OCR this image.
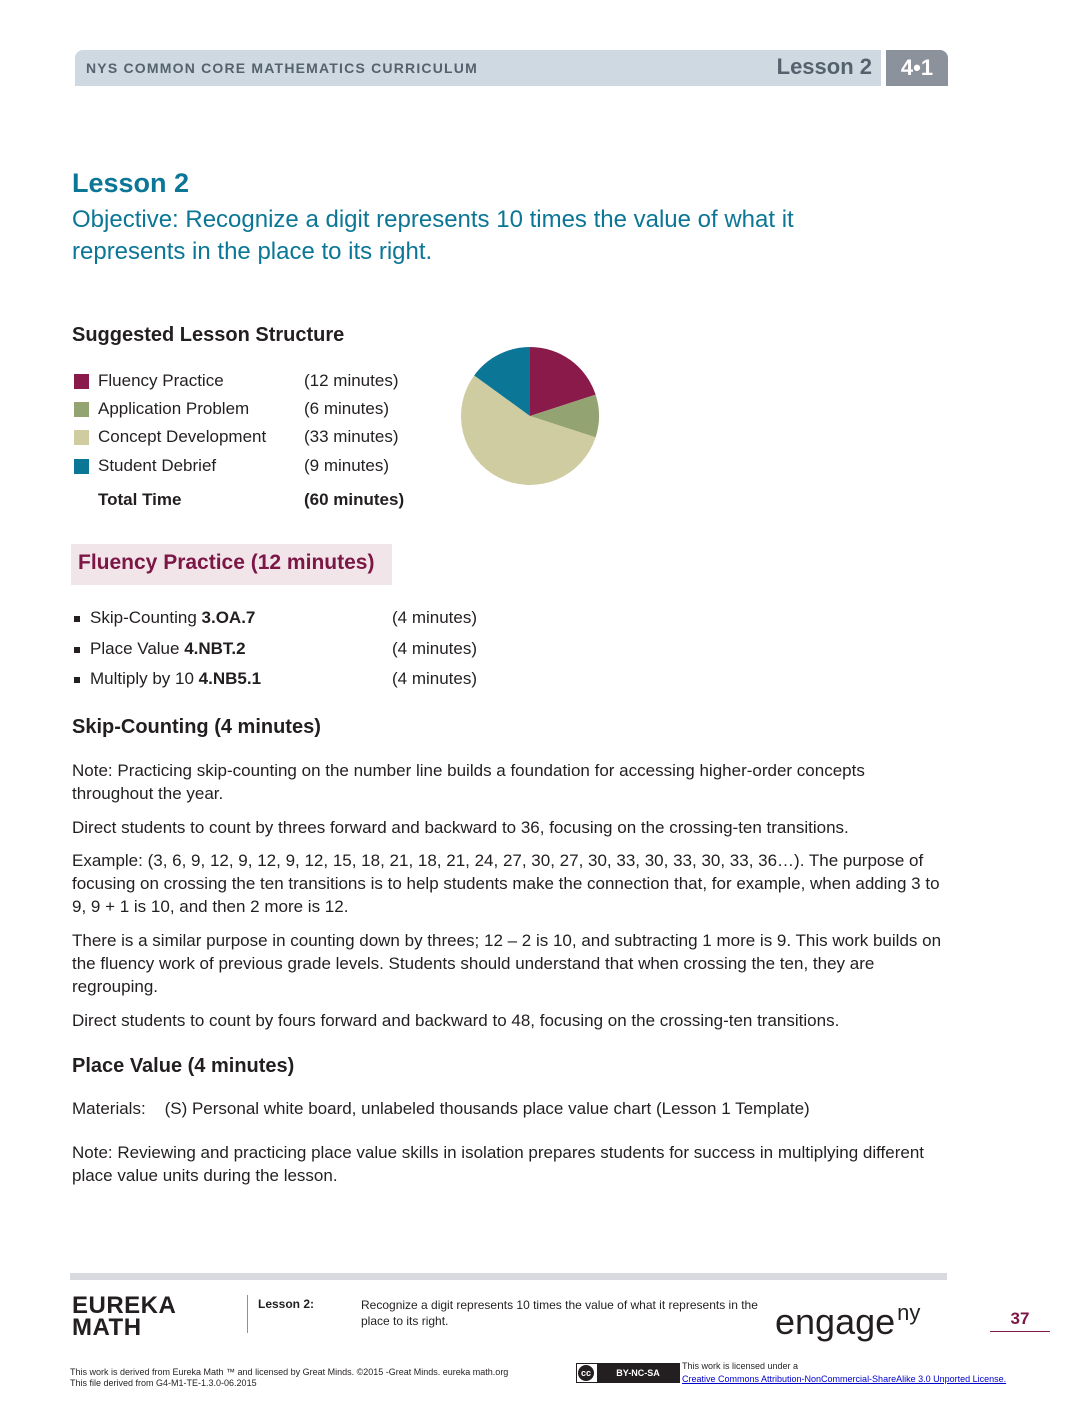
NYS COMMON CORE MATHEMATICS CURRICULUM	Lesson 2	4•1
Lesson 2
Objective: Recognize a digit represents 10 times the value of what it represents in the place to its right.
Suggested Lesson Structure
Fluency Practice	(12 minutes)
Application Problem	(6 minutes)
Concept Development (33 minutes)
Student Debrief	(9 minutes)
Total Time	(60 minutes)
Fluency Practice (12 minutes)
Skip-Counting 3.OA.7	(4 minutes)
Place Value 4.NBT.2	(4 minutes)
Multiply by 10 4.NB5.1	(4 minutes)
Skip-Counting (4 minutes)

Note: Practicing skip-counting on the number line builds a foundation for accessing higher-order concepts throughout the year.

Direct students to count by threes forward and backward to 36, focusing on the crossing-ten transitions.

Example: (3, 6, 9, 12, 9, 12, 9, 12, 15, 18, 21, 18, 21, 24, 27, 30, 27, 30, 33, 30, 33, 30, 33, 36…). The purpose of focusing on crossing the ten transitions is to help students make the connection that, for example, when adding 3 to 9, 9 + 1 is 10, and then 2 more is 12.

There is a similar purpose in counting down by threes; 12 – 2 is 10, and subtracting 1 more is 9. This work builds on the fluency work of previous grade levels. Students should understand that when crossing the ten, they are regrouping.

Direct students to count by fours forward and backward to 48, focusing on the crossing-ten transitions.

Place Value (4 minutes)

Materials:    (S) Personal white board, unlabeled thousands place value chart (Lesson 1 Template)

Note: Reviewing and practicing place value skills in isolation prepares students for success in multiplying different place value units during the lesson.

EUREKA
MATH
Lesson 2:	Recognize a digit represents 10 times the value of what it represents in the place to its right.	engage$^{ny}$	37
This work is derived from Eureka Math ™ and licensed by Great Minds. ©2015 -Great Minds. eureka math.org
This file derived from G4-M1-TE-1.3.0-06.2015
cc	BY-NC-SA
This work is licensed under a
Creative Commons Attribution-NonCommercial-ShareAlike 3.0 Unported License.
